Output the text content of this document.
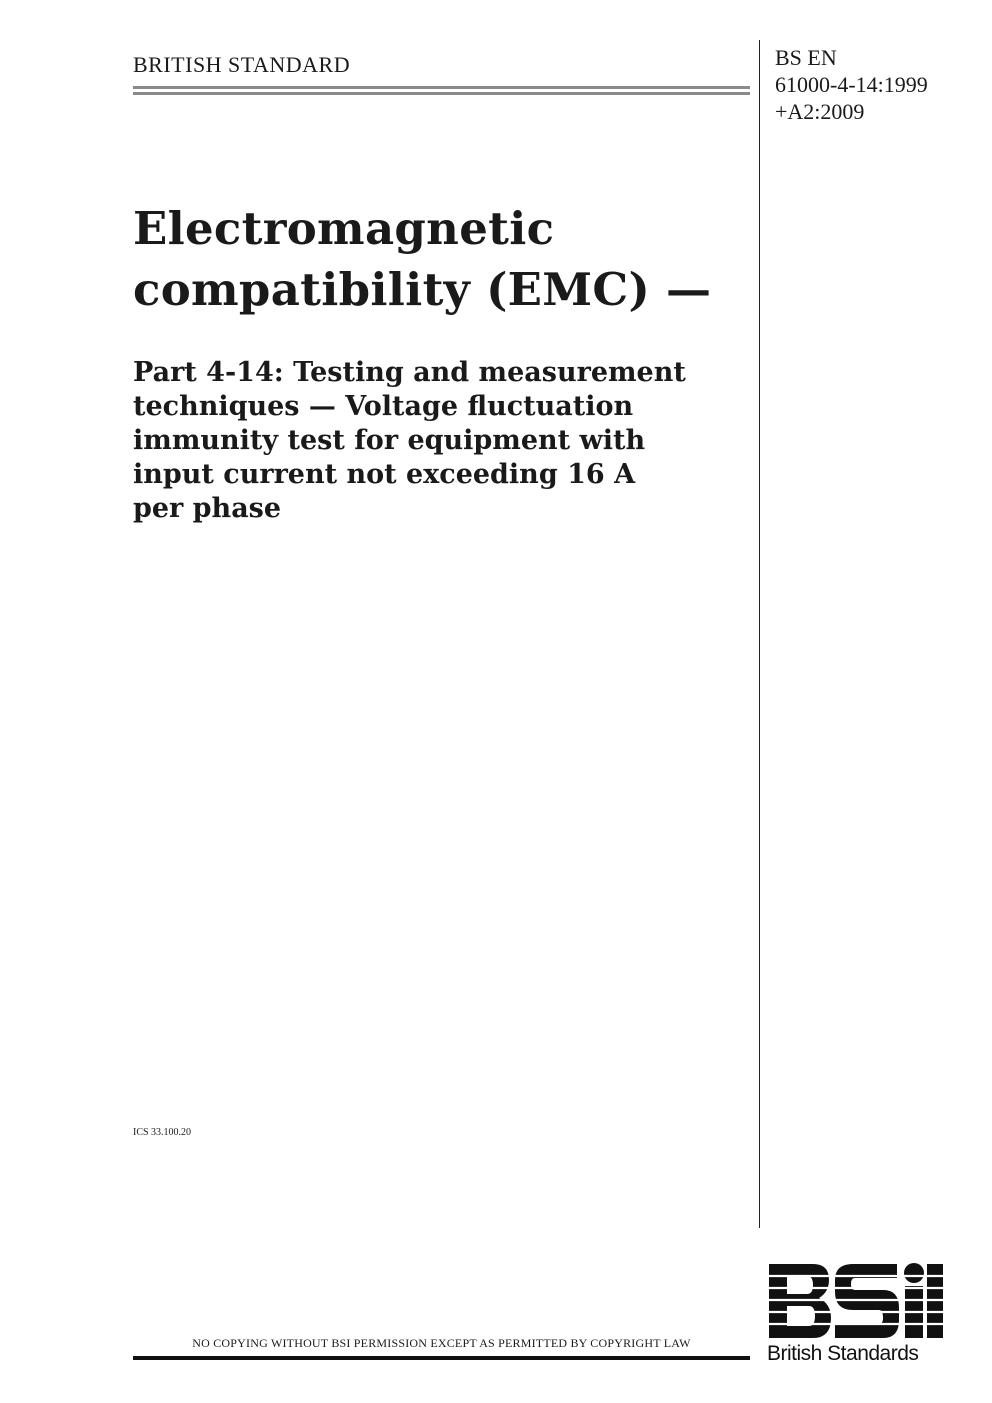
BRITISH STANDARD	BS EN
61000-4-14:1999
+A2:2009
Electromagnetic
compatibility (EMC) —
Part 4-14: Testing and measurement
techniques — Voltage fluctuation
immunity test for equipment with
input current not exceeding 16 A
per phase
ICS 33.100.20
NO COPYING WITHOUT BSI PERMISSION EXCEPT AS PERMITTED BY COPYRIGHT LAW	British Standards
